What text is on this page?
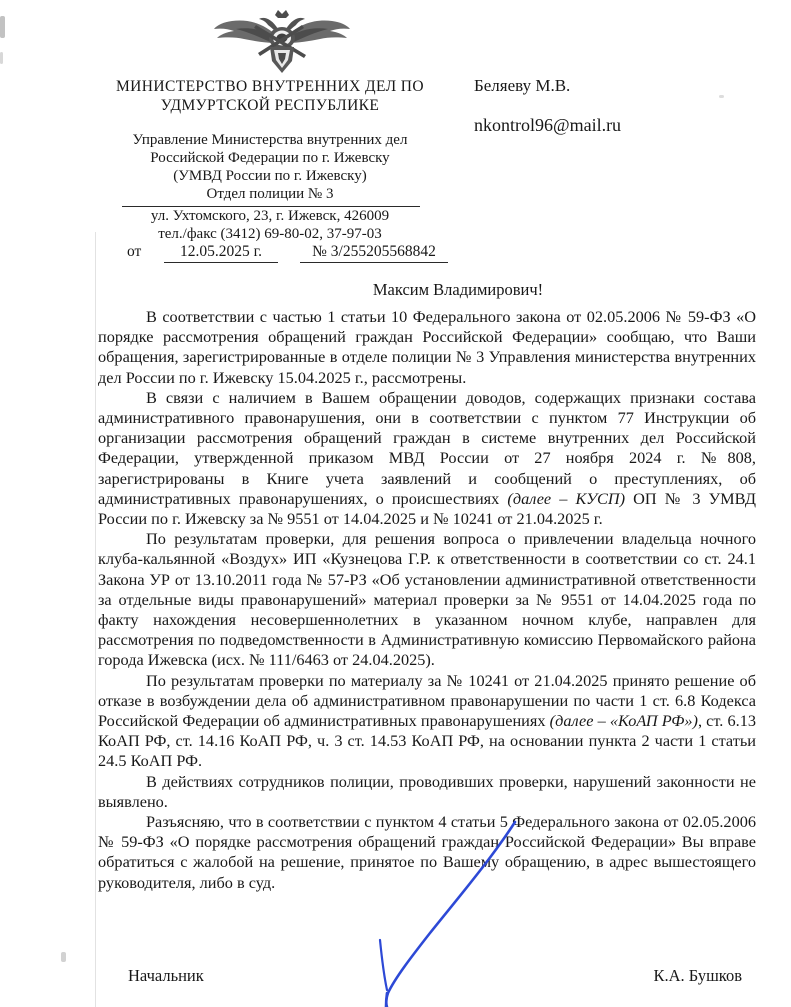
МИНИСТЕРСТВО ВНУТРЕННИХ ДЕЛ ПО
УДМУРТСКОЙ РЕСПУБЛИКЕ
Управление Министерства внутренних дел
Российской Федерации по г. Ижевску
(УМВД России по г. Ижевску)
Отдел полиции № 3
ул. Ухтомского, 23, г. Ижевск, 426009
тел./факс (3412) 69-80-02, 37-97-03
от	12.05.2025 г.	№ 3/255205568842
Беляеву М.В.
nkontrol96@mail.ru
Максим Владимирович!

В соответствии с частью 1 статьи 10 Федерального закона от 02.05.2006 № 59-ФЗ «О порядке рассмотрения обращений граждан Российской Федерации» сообщаю, что Ваши обращения, зарегистрированные в отделе полиции № 3 Управления министерства внутренних дел России по г. Ижевску 15.04.2025 г., рассмотрены.

В связи с наличием в Вашем обращении доводов, содержащих признаки состава административного правонарушения, они в соответствии с пунктом 77 Инструкции об организации рассмотрения обращений граждан в системе внутренних дел Российской Федерации, утвержденной приказом МВД России от 27 ноября 2024 г. №808, зарегистрированы в Книге учета заявлений и сообщений о преступлениях, об административных правонарушениях, о происшествиях (далее – КУСП) ОП № 3 УМВД России по г. Ижевску за № 9551 от 14.04.2025 и № 10241 от 21.04.2025 г.

По результатам проверки, для решения вопроса о привлечении владельца ночного клуба-кальянной «Воздух» ИП «Кузнецова Г.Р. к ответственности в соответствии со ст. 24.1 Закона УР от 13.10.2011 года № 57-РЗ «Об установлении административной ответственности за отдельные виды правонарушений» материал проверки за № 9551 от 14.04.2025 года по факту нахождения несовершеннолетних в указанном ночном клубе, направлен для рассмотрения по подведомственности в Административную комиссию Первомайского района города Ижевска (исх. № 111/6463 от 24.04.2025).

По результатам проверки по материалу за № 10241 от 21.04.2025 принято решение об отказе в возбуждении дела об административном правонарушении по части 1 ст. 6.8 Кодекса Российской Федерации об административных правонарушениях (далее – «КоАП РФ»), ст. 6.13 КоАП РФ, ст. 14.16 КоАП РФ, ч. 3 ст. 14.53 КоАП РФ, на основании пункта 2 части 1 статьи 24.5 КоАП РФ.

В действиях сотрудников полиции, проводивших проверки, нарушений законности не выявлено.

Разъясняю, что в соответствии с пунктом 4 статьи 5 Федерального закона от 02.05.2006 № 59-ФЗ «О порядке рассмотрения обращений граждан Российской Федерации» Вы вправе обратиться с жалобой на решение, принятое по Вашему обращению, в адрес вышестоящего руководителя, либо в суд.

Начальник	К.А. Бушков
